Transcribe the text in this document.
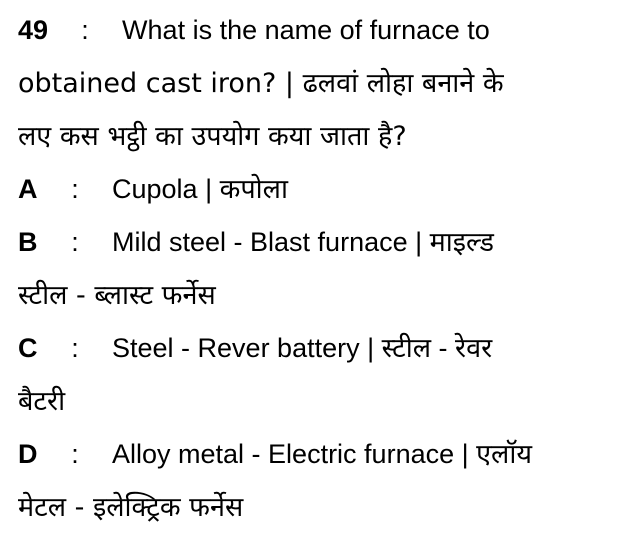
49 : What is the name of furnace to
obtained cast iron? | ढलवां लोहा बनाने के
लए कस भट्ठी का उपयोग कया जाता है?
A : Cupola | कपोला
B : Mild steel - Blast furnace | माइल्ड
स्टील - ब्लास्ट फर्नेस
C : Steel - Rever battery | स्टील - रेवर
बैटरी
D : Alloy metal - Electric furnace | एलॉय
मेटल - इलेक्ट्रिक फर्नेस
